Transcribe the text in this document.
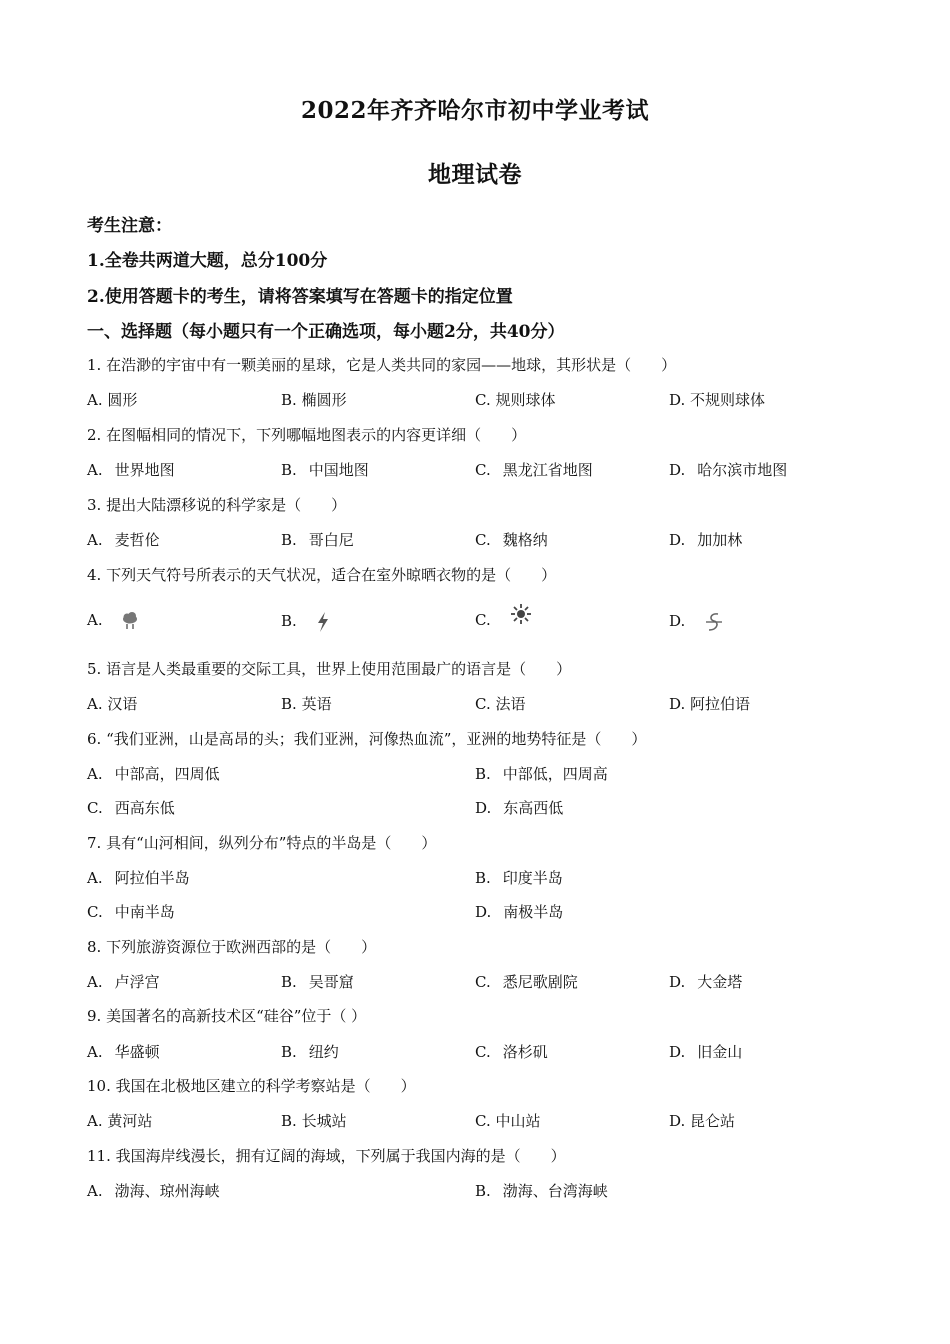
2022年齐齐哈尔市初中学业考试
地理试卷
考生注意：
1.全卷共两道大题，总分100分
2.使用答题卡的考生，请将答案填写在答题卡的指定位置
一、选择题（每小题只有一个正确选项，每小题2分，共40分）
1. 在浩渺的宇宙中有一颗美丽的星球，它是人类共同的家园——地球，其形状是（　　）
A. 圆形	B. 椭圆形	C. 规则球体	D. 不规则球体
2. 在图幅相同的情况下，下列哪幅地图表示的内容更详细（　　）
A. 世界地图	B. 中国地图	C. 黑龙江省地图	D. 哈尔滨市地图
3. 提出大陆漂移说的科学家是（　　）
A. 麦哲伦	B. 哥白尼	C. 魏格纳	D. 加加林
4. 下列天气符号所表示的天气状况，适合在室外晾晒衣物的是（　　）
A.	B.	C.	D.
5. 语言是人类最重要的交际工具，世界上使用范围最广的语言是（　　）
A. 汉语	B. 英语	C. 法语	D. 阿拉伯语
6. “我们亚洲，山是高昂的头；我们亚洲，河像热血流”，亚洲的地势特征是（　　）
A. 中部高，四周低	B. 中部低，四周高
C. 西高东低	D. 东高西低
7. 具有“山河相间，纵列分布”特点的半岛是（　　）
A. 阿拉伯半岛	B. 印度半岛
C. 中南半岛	D. 南极半岛
8. 下列旅游资源位于欧洲西部的是（　　）
A. 卢浮宫	B. 吴哥窟	C. 悉尼歌剧院	D. 大金塔
9. 美国著名的高新技术区“硅谷”位于（ ）
A. 华盛顿	B. 纽约	C. 洛杉矶	D. 旧金山
10. 我国在北极地区建立的科学考察站是（　　）
A. 黄河站	B. 长城站	C. 中山站	D. 昆仑站
11. 我国海岸线漫长，拥有辽阔的海域，下列属于我国内海的是（　　）
A. 渤海、琼州海峡	B. 渤海、台湾海峡
